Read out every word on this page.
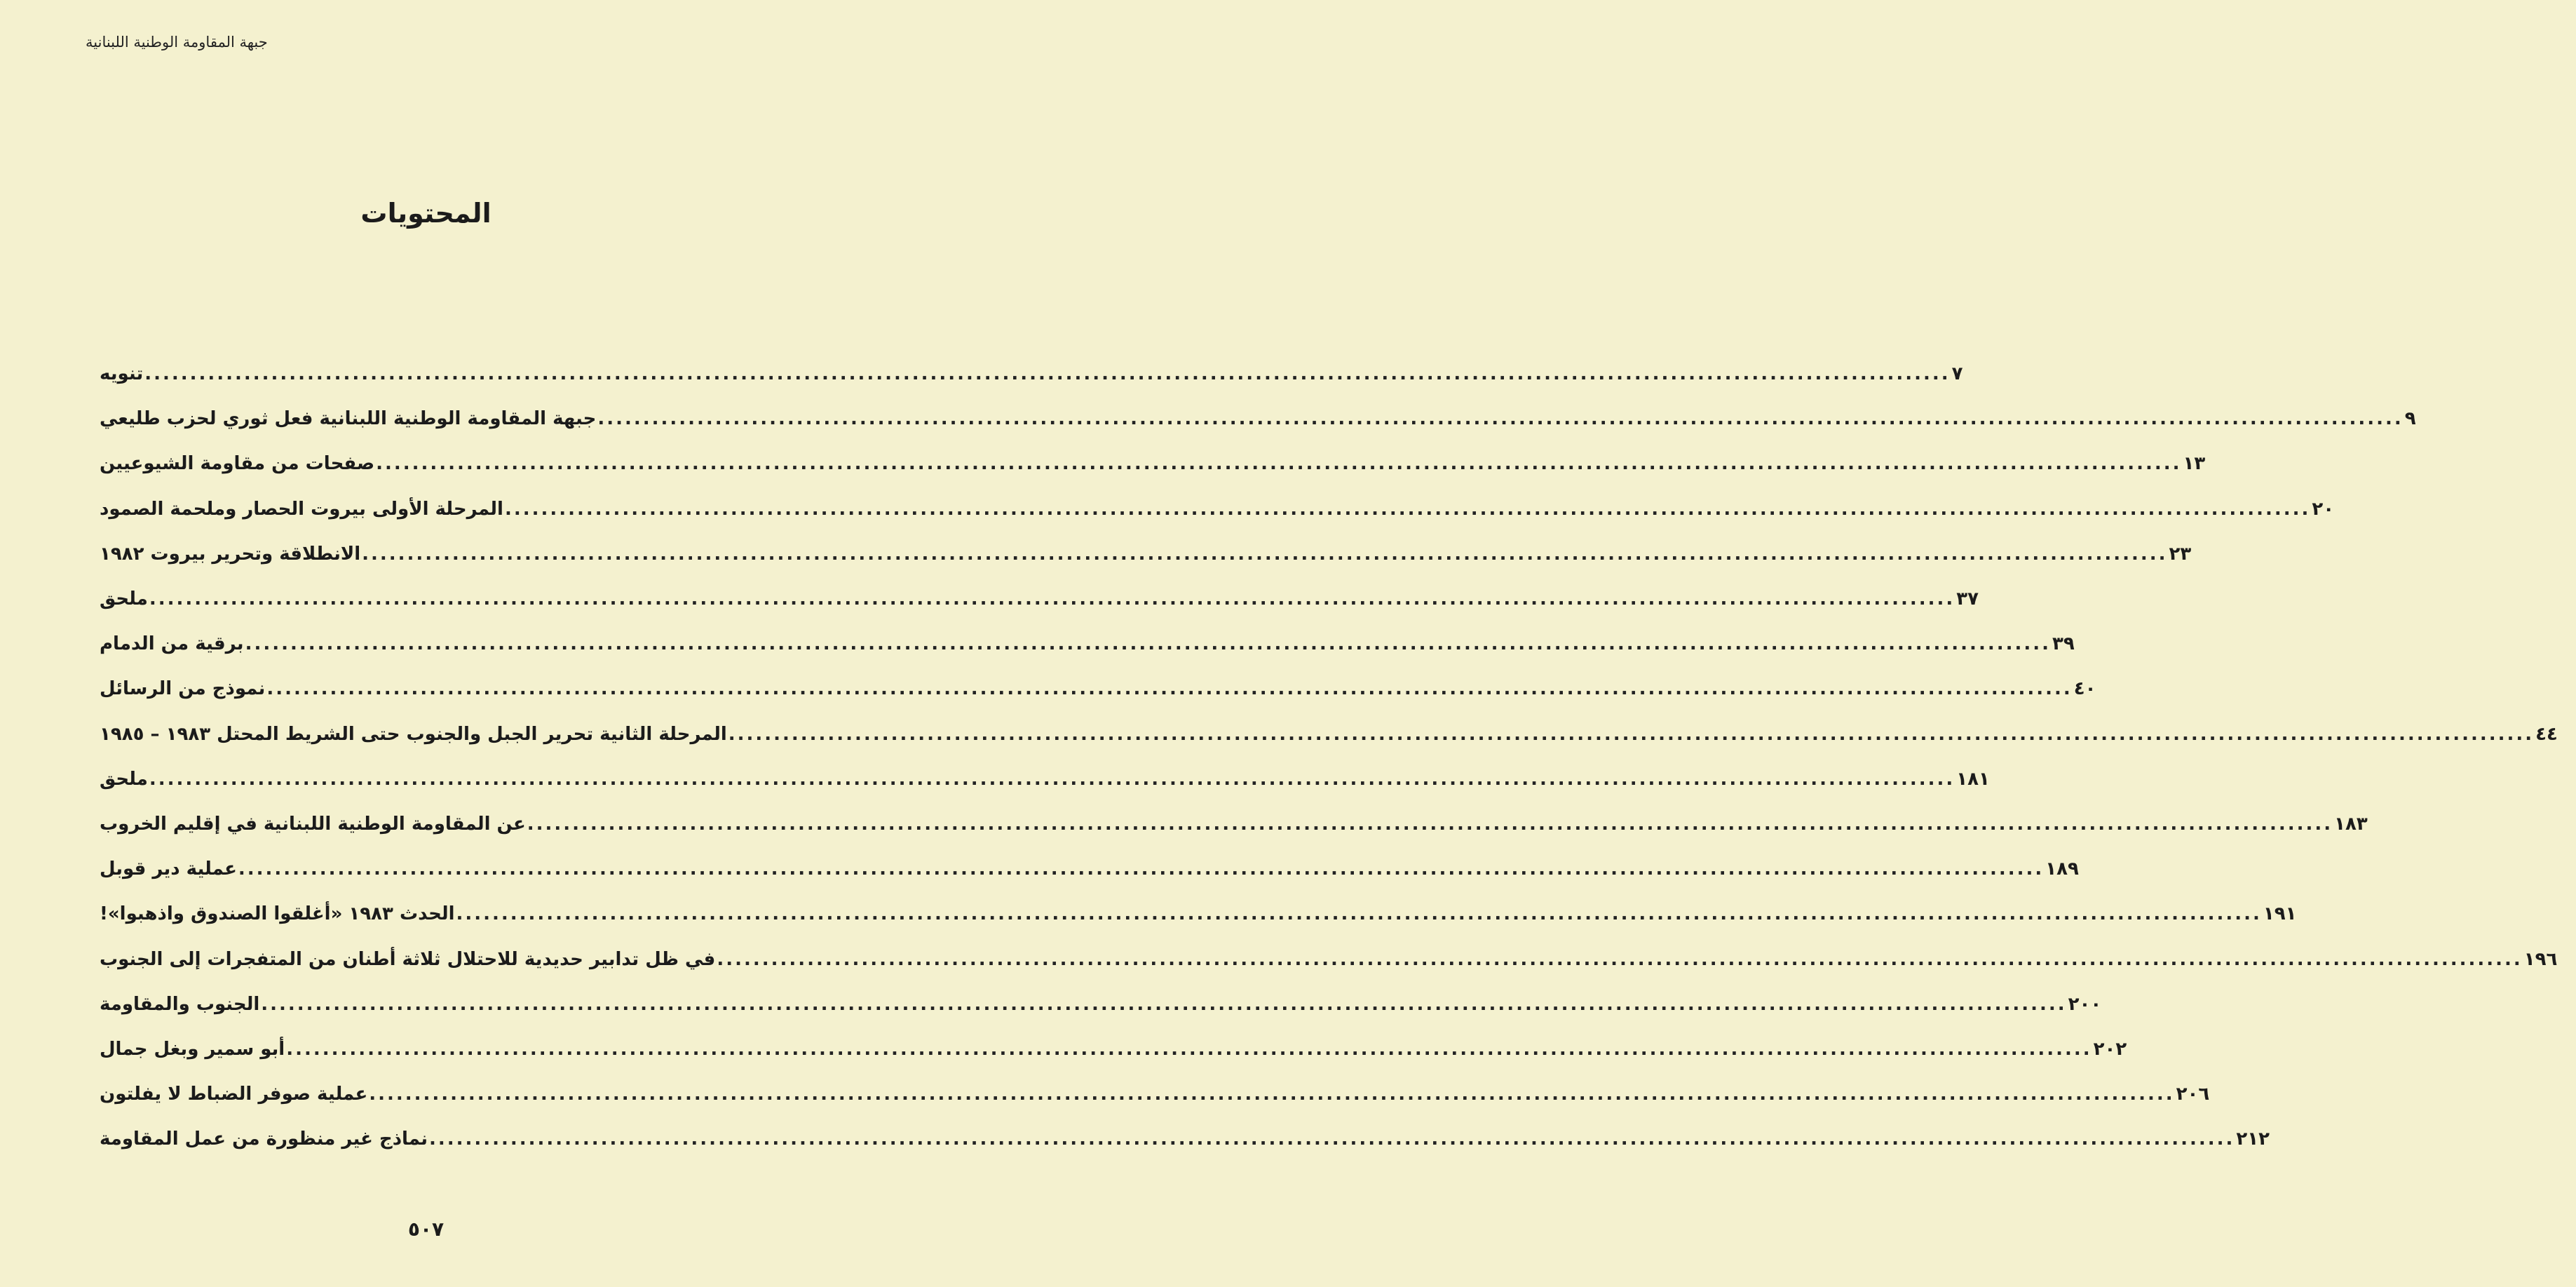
جبهة المقاومة الوطنية اللبنانية

المحتويات
تنويه ........................................................................................................................................................................................................ ٧
جبهة المقاومة الوطنية اللبنانية فعل ثوري لحزب طليعي ........................................................................................................................................................................................................ ٩
صفحات من مقاومة الشيوعيين ........................................................................................................................................................................................................ ١٣
المرحلة الأولى بيروت الحصار وملحمة الصمود ........................................................................................................................................................................................................ ٢٠
الانطلاقة وتحرير بيروت ١٩٨٢ ........................................................................................................................................................................................................ ٢٣
ملحق ........................................................................................................................................................................................................ ٣٧
برقية من الدمام ........................................................................................................................................................................................................ ٣٩
نموذج من الرسائل ........................................................................................................................................................................................................ ٤٠
المرحلة الثانية تحرير الجبل والجنوب حتى الشريط المحتل ١٩٨٣ – ١٩٨٥ ........................................................................................................................................................................................................ ٤٤
ملحق ........................................................................................................................................................................................................ ١٨١
عن المقاومة الوطنية اللبنانية في إقليم الخروب ........................................................................................................................................................................................................ ١٨٣
عملية دير قوبل ........................................................................................................................................................................................................ ١٨٩
الحدث ١٩٨٣ «أغلقوا الصندوق واذهبوا»! ........................................................................................................................................................................................................ ١٩١
في ظل تدابير حديدية للاحتلال ثلاثة أطنان من المتفجرات إلى الجنوب ........................................................................................................................................................................................................ ١٩٦
الجنوب والمقاومة ........................................................................................................................................................................................................ ٢٠٠
أبو سمير وبغل جمال ........................................................................................................................................................................................................ ٢٠٢
عملية صوفر الضباط لا يفلتون ........................................................................................................................................................................................................ ٢٠٦
نماذج غير منظورة من عمل المقاومة ........................................................................................................................................................................................................ ٢١٢
٥٠٧
